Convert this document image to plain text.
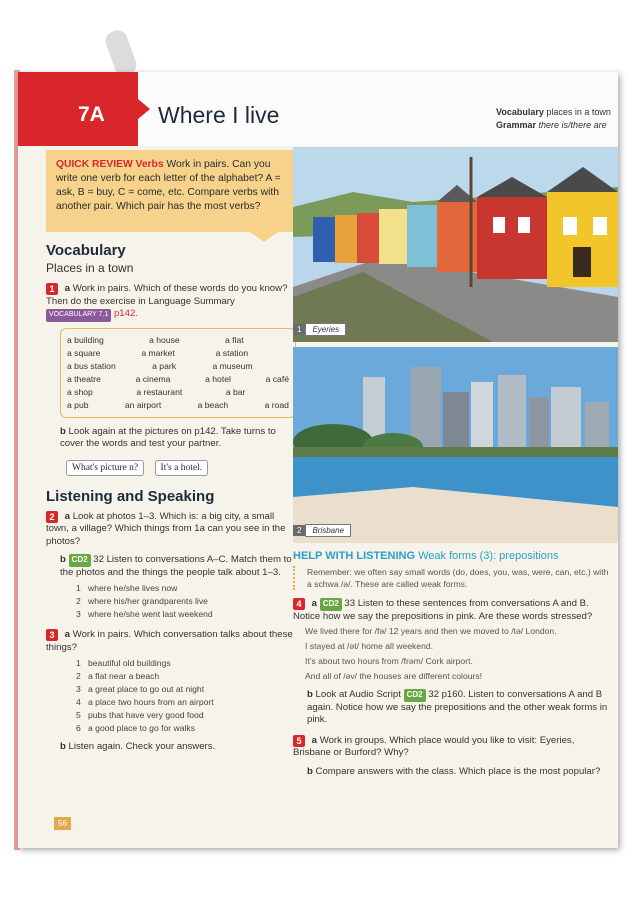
7A Where I live	Vocabulary places in a town
Grammar there is/there are
QUICK REVIEW Verbs Work in pairs. Can you write one verb for each letter of the alphabet? A = ask, B = buy, C = come, etc. Compare verbs with another pair. Which pair has the most verbs?
Vocabulary
Places in a town
1 a Work in pairs. Which of these words do you know? Then do the exercise in Language Summary VOCABULARY 7.1 p142.
a building	a house	a flat
a square	a market	a station
a bus station	a park	a museum
a theatre	a cinema	a hotel	a café
a shop	a restaurant	a bar
a pub	an airport	a beach	a road
b Look again at the pictures on p142. Take turns to cover the words and test your partner.
What's picture n? It's a hotel.
Listening and Speaking
2 a Look at photos 1–3. Which is: a big city, a small town, a village? Which things from 1a can you see in the photos?
b CD2 32 Listen to conversations A–C. Match them to the photos and the things the people talk about 1–3.
1 where he/she lives now
2 where his/her grandparents live
3 where he/she went last weekend
3 a Work in pairs. Which conversation talks about these things?
1 beautiful old buildings
2 a flat near a beach
3 a great place to go out at night
4 a place two hours from an airport
5 pubs that have very good food
6 a good place to go for walks
b Listen again. Check your answers.
1	Eyeries
2	Brisbane
HELP WITH LISTENING Weak forms (3): prepositions
Remember: we often say small words (do, does, you, was, were, can, etc.) with a schwa /ə/. These are called weak forms.
4 a CD2 33 Listen to these sentences from conversations A and B. Notice how we say the prepositions in pink. Are these words stressed?
We lived there for /fə/ 12 years and then we moved to /tə/ London.
I stayed at /ət/ home all weekend.
It's about two hours from /frəm/ Cork airport.
And all of /əv/ the houses are different colours!
b Look at Audio Script CD2 32 p160. Listen to conversations A and B again. Notice how we say the prepositions and the other weak forms in pink.
5 a Work in groups. Which place would you like to visit: Eyeries, Brisbane or Burford? Why?
b Compare answers with the class. Which place is the most popular?
56
